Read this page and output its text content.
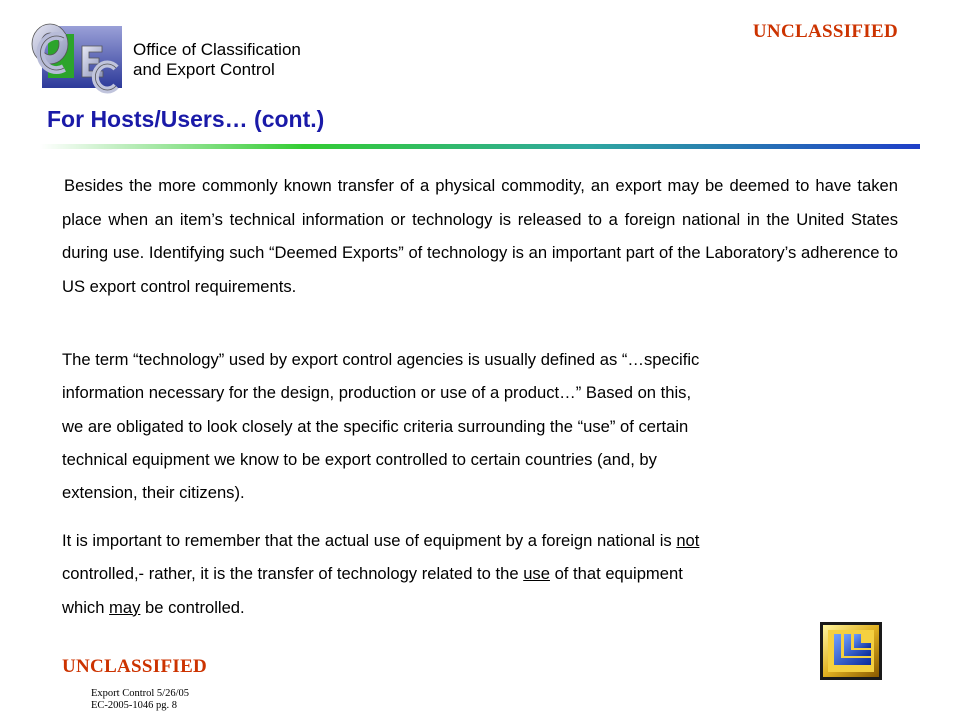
Office of Classification
and Export Control
UNCLASSIFIED
For Hosts/Users… (cont.)
Besides the more commonly known transfer of a physical commodity, an export may be deemed to have taken place when an item’s technical information or technology is released to a foreign national in the United States during use. Identifying such “Deemed Exports” of technology is an important part of the Laboratory’s adherence to US export control requirements.
The term “technology” used by export control agencies is usually defined as “…specific
information necessary for the design, production or use of a product…” Based on this,
we are obligated to look closely at the specific criteria surrounding the “use” of certain
technical equipment we know to be export controlled to certain countries (and, by
extension, their citizens).
It is important to remember that the actual use of equipment by a foreign national is not
controlled,- rather, it is the transfer of technology related to the use of that equipment
which may be controlled.
UNCLASSIFIED
Export Control 5/26/05
EC-2005-1046 pg. 8
